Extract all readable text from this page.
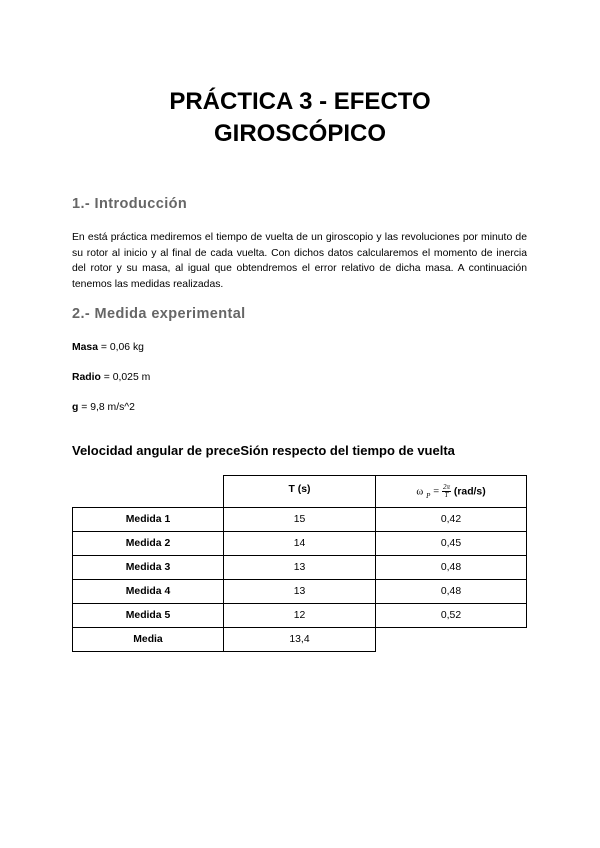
PRÁCTICA 3 - EFECTO
GIROSCÓPICO
1.- Introducción
En está práctica mediremos el tiempo de vuelta de un giroscopio y las revoluciones por minuto de su rotor al inicio y al final de cada vuelta. Con dichos datos calcularemos el momento de inercia del rotor y su masa, al igual que obtendremos el error relativo de dicha masa. A continuación tenemos las medidas realizadas.
2.- Medida experimental
Masa = 0,06 kg
Radio = 0,025 m
g = 9,8 m/s^2
Velocidad angular de preceSión respecto del tiempo de vuelta
	T (s)	ω $_P = \frac{2\pi}{T} (rad/s)$
Medida 1	15	0,42
Medida 2	14	0,45
Medida 3	13	0,48
Medida 4	13	0,48
Medida 5	12	0,52
Media	13,4	
